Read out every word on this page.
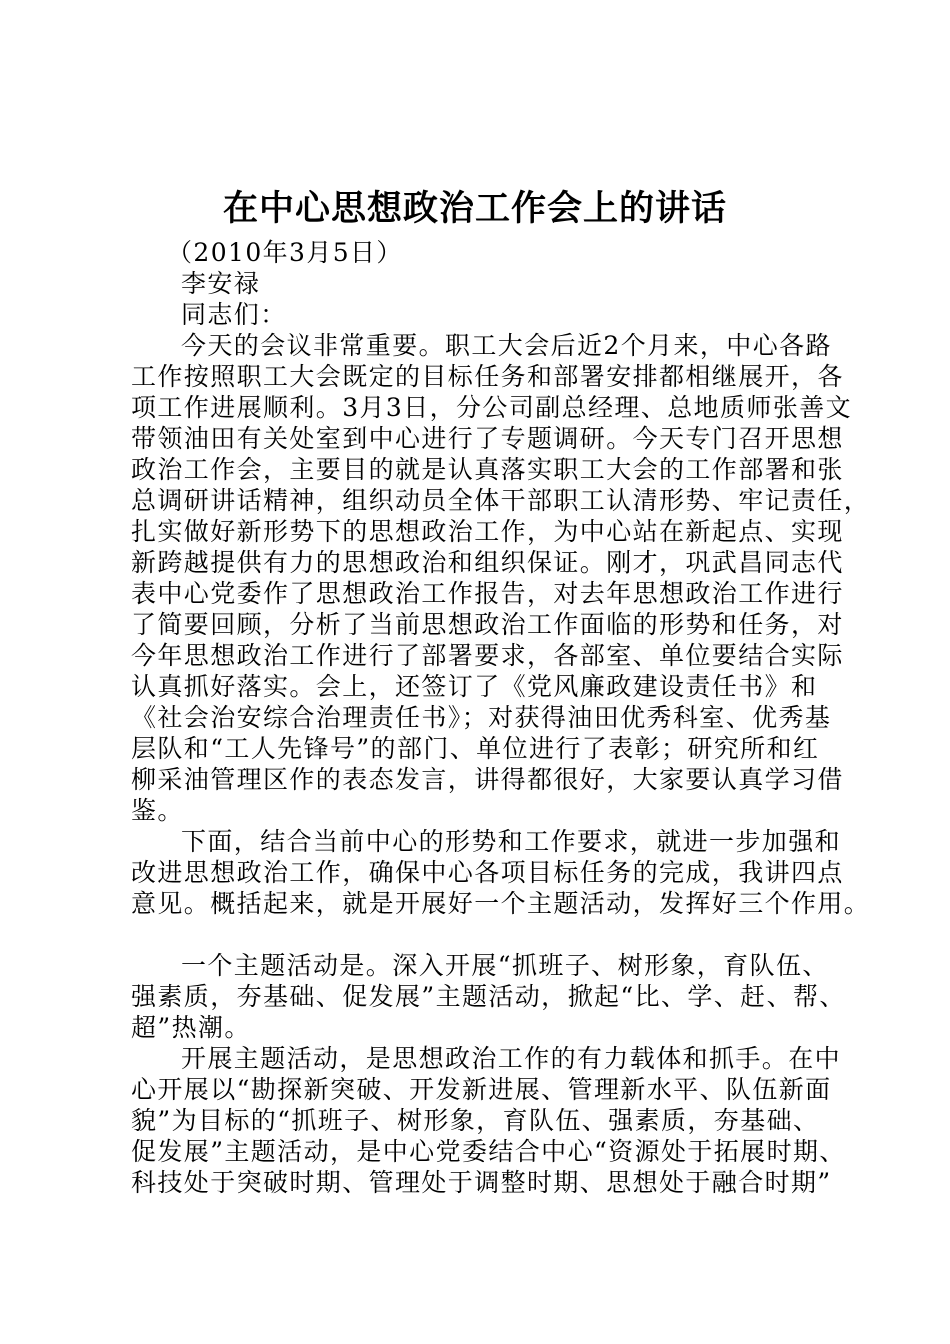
在中心思想政治工作会上的讲话
（2010年3月5日）
李安禄
同志们：
今天的会议非常重要。职工大会后近2个月来，中心各路
工作按照职工大会既定的目标任务和部署安排都相继展开，各
项工作进展顺利。3月3日，分公司副总经理、总地质师张善文
带领油田有关处室到中心进行了专题调研。今天专门召开思想
政治工作会，主要目的就是认真落实职工大会的工作部署和张
总调研讲话精神，组织动员全体干部职工认清形势、牢记责任，
扎实做好新形势下的思想政治工作，为中心站在新起点、实现
新跨越提供有力的思想政治和组织保证。刚才，巩武昌同志代
表中心党委作了思想政治工作报告，对去年思想政治工作进行
了简要回顾，分析了当前思想政治工作面临的形势和任务，对
今年思想政治工作进行了部署要求，各部室、单位要结合实际
认真抓好落实。会上，还签订了《党风廉政建设责任书》和
《社会治安综合治理责任书》；对获得油田优秀科室、优秀基
层队和“工人先锋号”的部门、单位进行了表彰；研究所和红
柳采油管理区作的表态发言，讲得都很好，大家要认真学习借
鉴。
下面，结合当前中心的形势和工作要求，就进一步加强和
改进思想政治工作，确保中心各项目标任务的完成，我讲四点
意见。概括起来，就是开展好一个主题活动，发挥好三个作用。
一个主题活动是。深入开展“抓班子、树形象，育队伍、
强素质，夯基础、促发展”主题活动，掀起“比、学、赶、帮、
超”热潮。
开展主题活动，是思想政治工作的有力载体和抓手。在中
心开展以“勘探新突破、开发新进展、管理新水平、队伍新面
貌”为目标的“抓班子、树形象，育队伍、强素质，夯基础、
促发展”主题活动，是中心党委结合中心“资源处于拓展时期、
科技处于突破时期、管理处于调整时期、思想处于融合时期”
